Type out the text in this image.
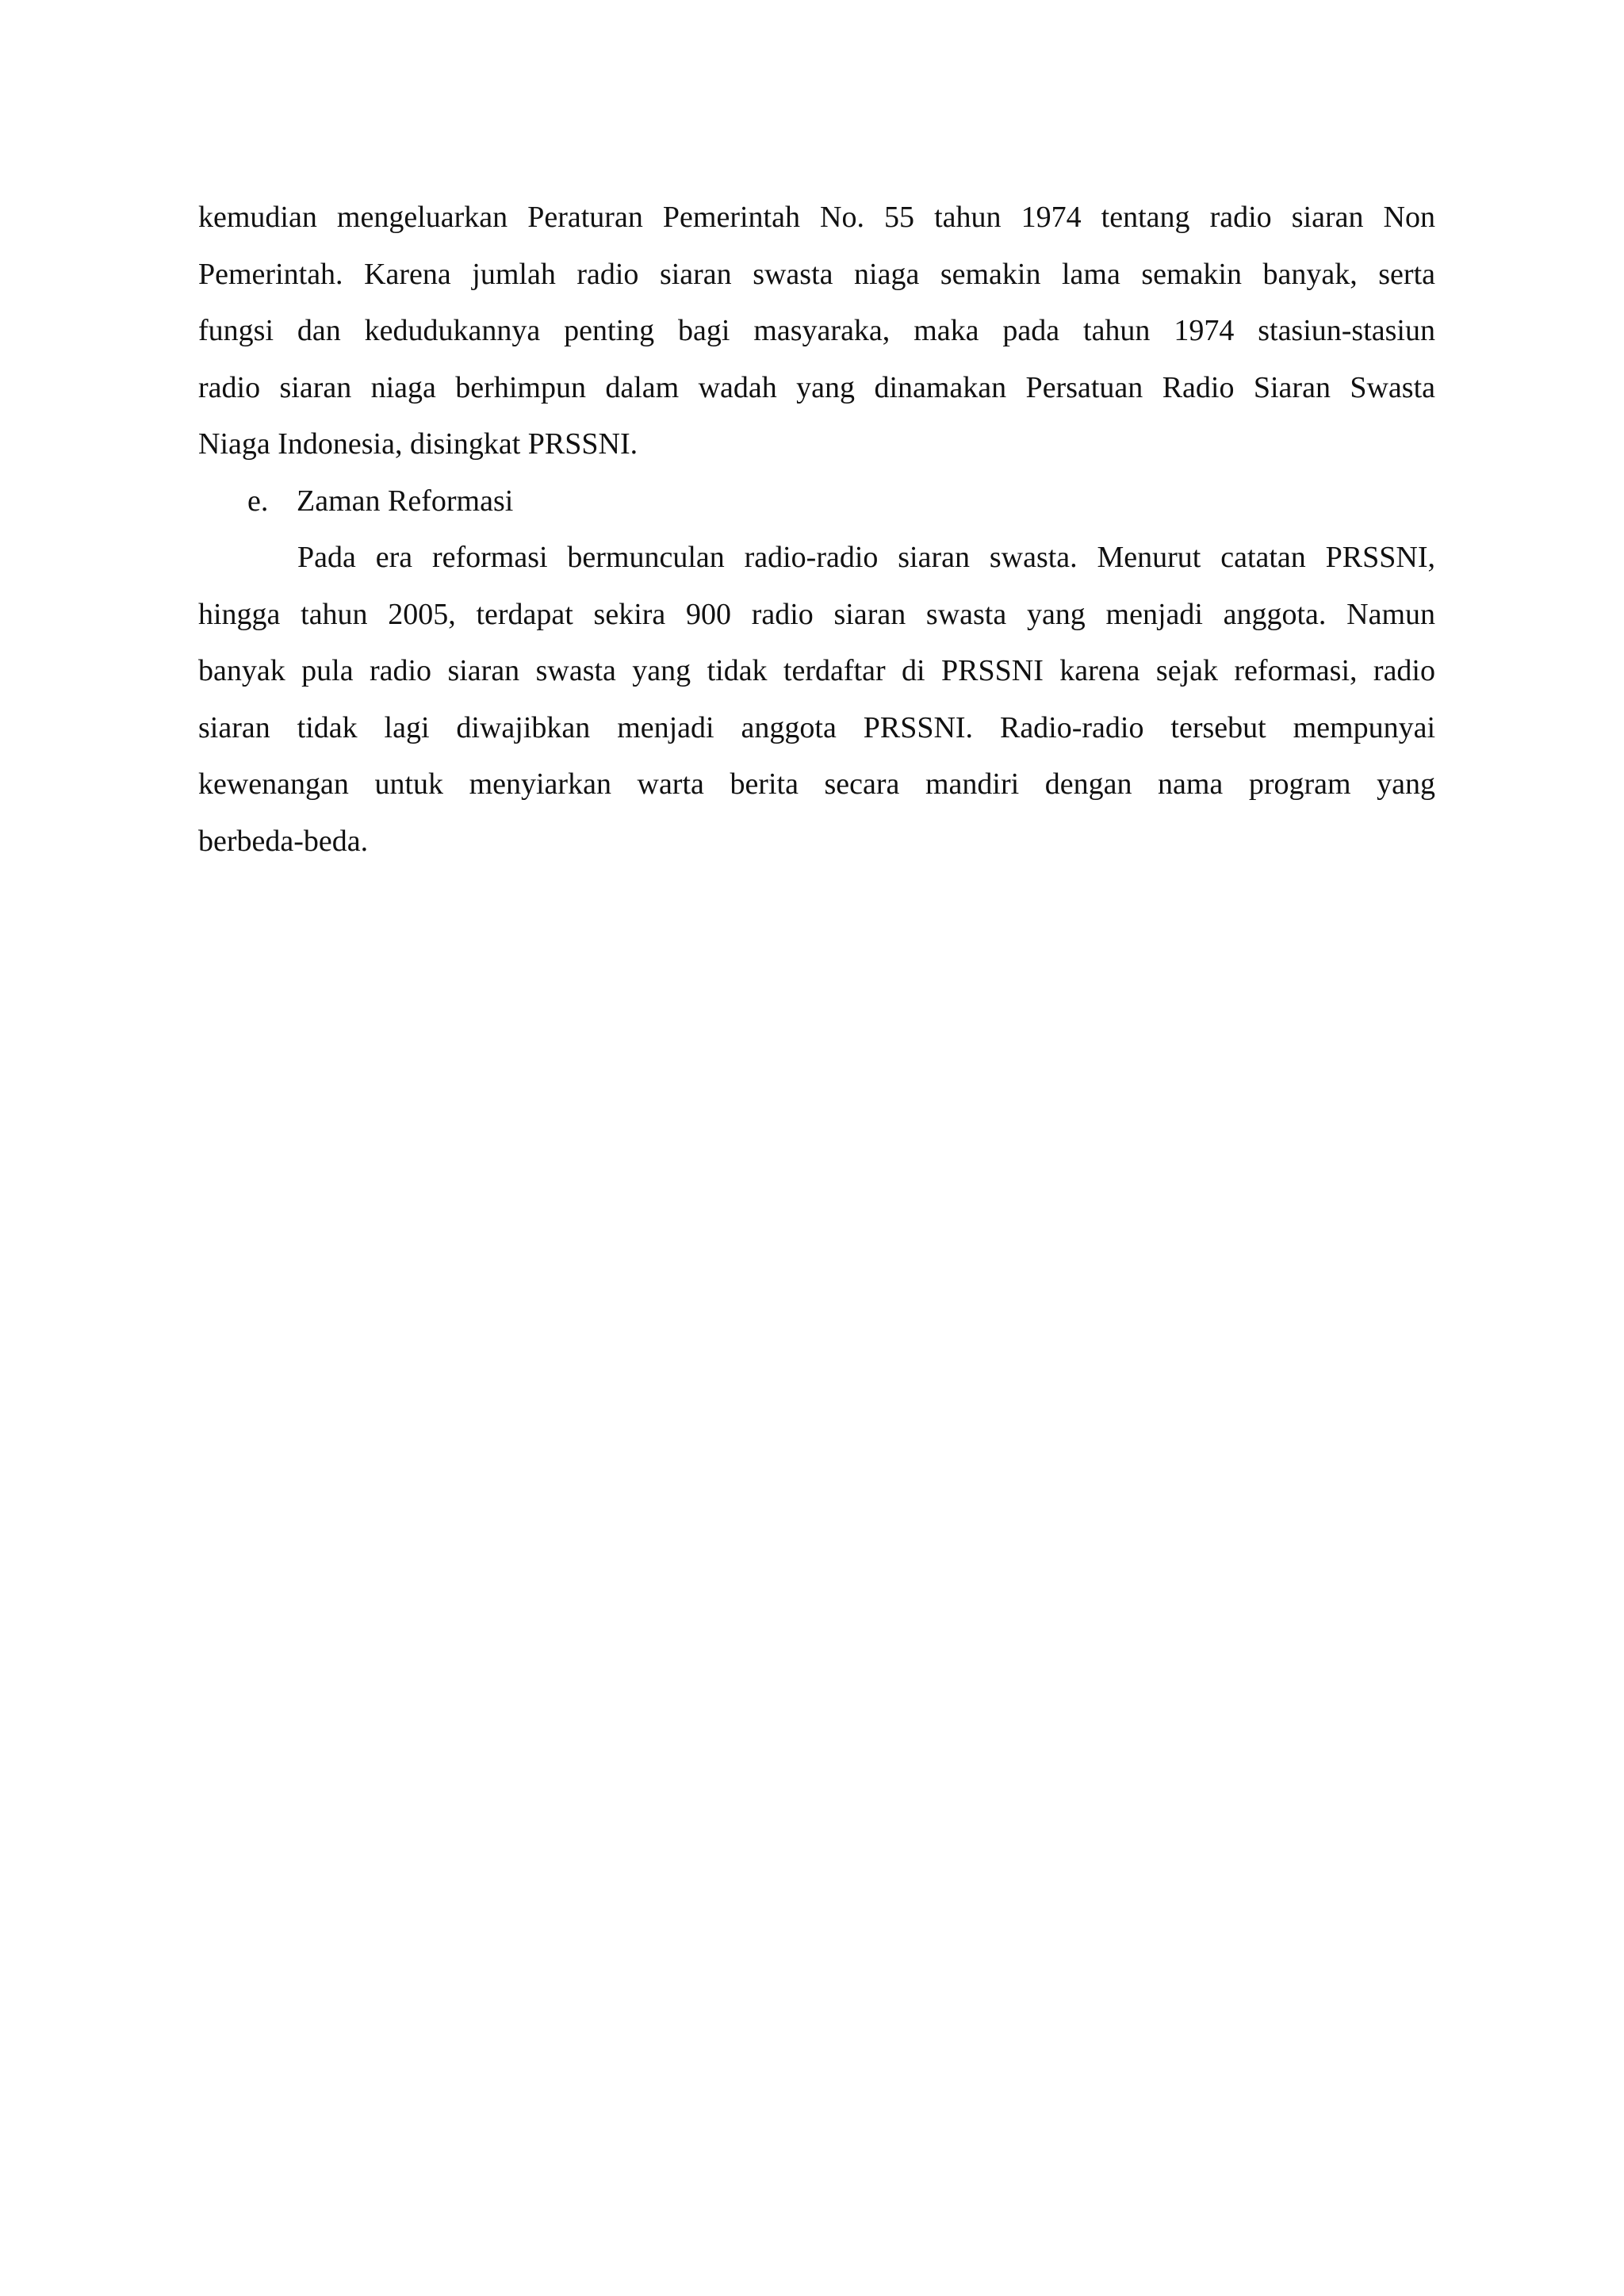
kemudian mengeluarkan Peraturan Pemerintah No. 55 tahun 1974 tentang radio siaran Non
Pemerintah. Karena jumlah radio siaran swasta niaga semakin lama semakin banyak, serta
fungsi dan kedudukannya penting bagi masyaraka, maka pada tahun 1974 stasiun-stasiun
radio siaran niaga berhimpun dalam wadah yang dinamakan Persatuan Radio Siaran Swasta
Niaga Indonesia, disingkat PRSSNI.

e. Zaman Reformasi

Pada era reformasi bermunculan radio-radio siaran swasta. Menurut catatan PRSSNI,
hingga tahun 2005, terdapat sekira 900 radio siaran swasta yang menjadi anggota. Namun
banyak pula radio siaran swasta yang tidak terdaftar di PRSSNI karena sejak reformasi, radio
siaran tidak lagi diwajibkan menjadi anggota PRSSNI. Radio-radio tersebut mempunyai
kewenangan untuk menyiarkan warta berita secara mandiri dengan nama program yang
berbeda-beda.
